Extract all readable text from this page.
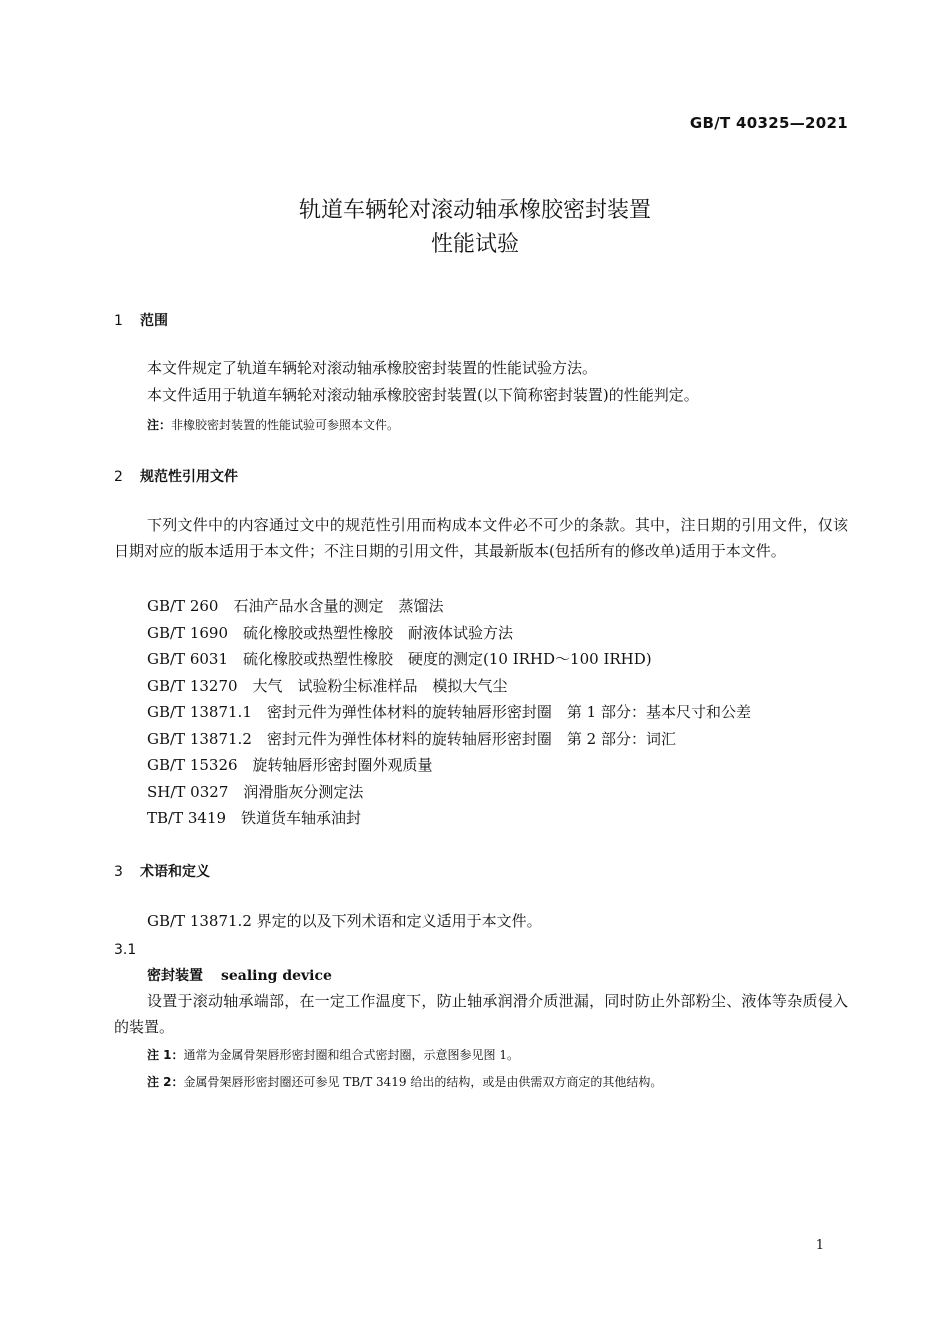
GB/T 40325—2021
轨道车辆轮对滚动轴承橡胶密封装置
性能试验
1 范围
本文件规定了轨道车辆轮对滚动轴承橡胶密封装置的性能试验方法。
本文件适用于轨道车辆轮对滚动轴承橡胶密封装置(以下简称密封装置)的性能判定。
注：非橡胶密封装置的性能试验可参照本文件。
2 规范性引用文件
下列文件中的内容通过文中的规范性引用而构成本文件必不可少的条款。其中，注日期的引用文件，仅该日期对应的版本适用于本文件；不注日期的引用文件，其最新版本(包括所有的修改单)适用于本文件。
GB/T 260　石油产品水含量的测定　蒸馏法
GB/T 1690　硫化橡胶或热塑性橡胶　耐液体试验方法
GB/T 6031　硫化橡胶或热塑性橡胶　硬度的测定(10 IRHD～100 IRHD)
GB/T 13270　大气　试验粉尘标准样品　模拟大气尘
GB/T 13871.1　密封元件为弹性体材料的旋转轴唇形密封圈　第 1 部分：基本尺寸和公差
GB/T 13871.2　密封元件为弹性体材料的旋转轴唇形密封圈　第 2 部分：词汇
GB/T 15326　旋转轴唇形密封圈外观质量
SH/T 0327　润滑脂灰分测定法
TB/T 3419　铁道货车轴承油封
3 术语和定义
GB/T 13871.2 界定的以及下列术语和定义适用于本文件。
3.1
密封装置 sealing device
设置于滚动轴承端部，在一定工作温度下，防止轴承润滑介质泄漏，同时防止外部粉尘、液体等杂质侵入的装置。
注 1：通常为金属骨架唇形密封圈和组合式密封圈，示意图参见图 1。
注 2：金属骨架唇形密封圈还可参见 TB/T 3419 给出的结构，或是由供需双方商定的其他结构。
1
